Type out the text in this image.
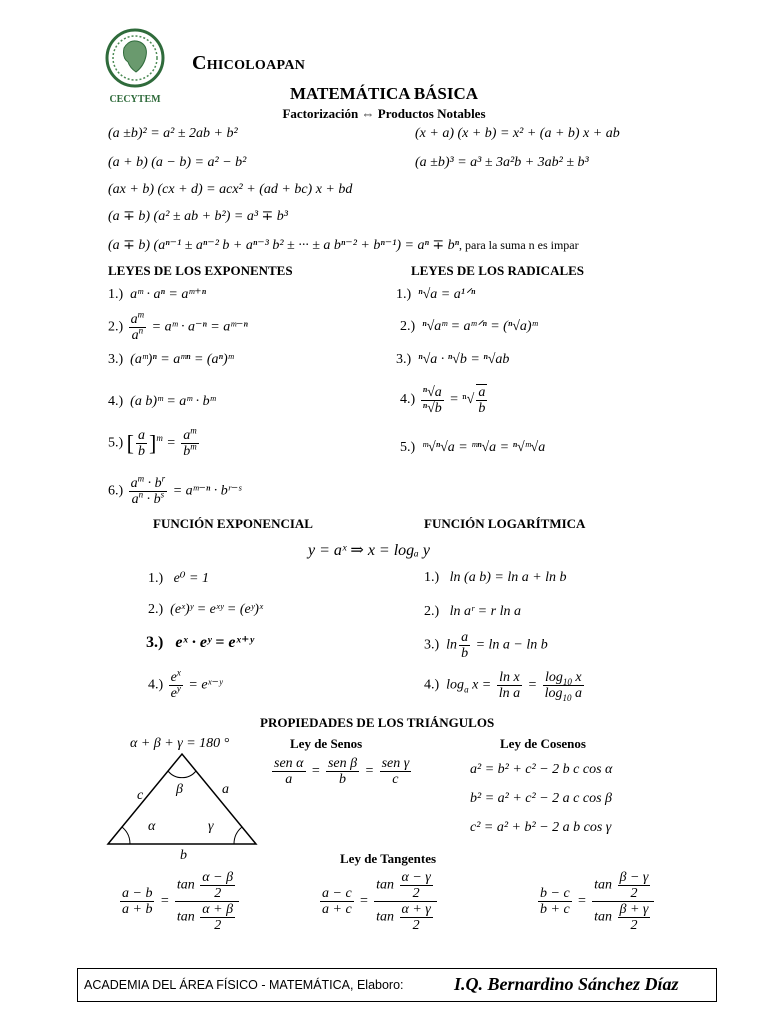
CECYTEM
Chicoloapan
MATEMÁTICA BÁSICA
Factorización ⇔ Productos Notables
(a ±b)² = a² ± 2ab + b²
(a + b) (a − b) = a² − b²
(ax + b) (cx + d) = acx² + (ad + bc) x + bd
(a ∓ b) (a² ± ab + b²) = a³ ∓ b³
(a ∓ b) (aⁿ⁻¹ ± aⁿ⁻² b + aⁿ⁻³ b² ± ··· ± a bⁿ⁻² + bⁿ⁻¹) = aⁿ ∓ bⁿ, para la suma n es impar
(x + a) (x + b) = x² + (a + b) x + ab
(a ±b)³ = a³ ± 3a²b + 3ab² ± b³
LEYES DE LOS EXPONENTES
1.) aᵐ · aⁿ = aᵐ⁺ⁿ
$2.) \frac{a^m}{a^n}$ = aᵐ · a⁻ⁿ = aᵐ⁻ⁿ
3.) (aᵐ)ⁿ = aᵐⁿ = (aⁿ)ᵐ
4.) (a b)ᵐ = aᵐ · bᵐ
5.) [ $\frac{a}{b} ]^m = \frac{a^m}{b^m}$
$6.) \frac{a^m \cdot b^r}{a^n \cdot b^s}$ = aᵐ⁻ⁿ · bʳ⁻ˢ
LEYES DE LOS RADICALES
1.) ⁿ√a = a¹ᐟⁿ
2.) ⁿ√aᵐ = aᵐᐟⁿ = (ⁿ√a)ᵐ
3.) ⁿ√a · ⁿ√b = ⁿ√ab
$4.) \frac{\text{ⁿ√a}}{\text{ⁿ√b}} = ^n√ \frac{a}{b}$
5.) ᵐ√ⁿ√a = ᵐⁿ√a = ⁿ√ᵐ√a
FUNCIÓN EXPONENCIAL	FUNCIÓN LOGARÍTMICA
y = aˣ ⇒ x = logₐ y
1.) e⁰ = 1
2.) (eˣ)ʸ = eˣʸ = (eʸ)ˣ
3.) eˣ · eʸ = eˣ⁺ʸ
$4.) \frac{e^x}{e^y}$ = eˣ⁻ʸ
1.) ln (a b) = ln a + ln b
2.) ln aʳ = r ln a
3.)  $\ln \frac{a}{b} = \ln a - \ln b$
4.)  $\log_a x = \frac{\text{ln x}}{\text{ln a}} = \frac{\log_{10} x}{\log_{10} a}$
PROPIEDADES DE LOS TRIÁNGULOS
α + β + γ = 180 °
c	a
b
β
α	γ
Ley de Senos
sen α
a
=
sen β
b
=
sen γ
c
Ley de Cosenos
a² = b² + c² − 2 b c cos α
b² = a² + c² − 2 a c cos β
c² = a² + b² − 2 a b cos γ
Ley de Tangentes
$\frac{a - b}{a + b} = \frac{\tan \frac{\alpha - \beta}{2}}{\tan \frac{\alpha + \beta}{2}}$	$\frac{a - c}{a + c} = \frac{\tan \frac{\alpha - \gamma}{2}}{\tan \frac{\alpha + \gamma}{2}}$	$\frac{b - c}{b + c} = \frac{\tan \frac{\beta - \gamma}{2}}{\tan \frac{\beta + \gamma}{2}}$
ACADEMIA DEL ÁREA FÍSICO - MATEMÁTICA, Elaboro:	I.Q. Bernardino Sánchez Díaz
